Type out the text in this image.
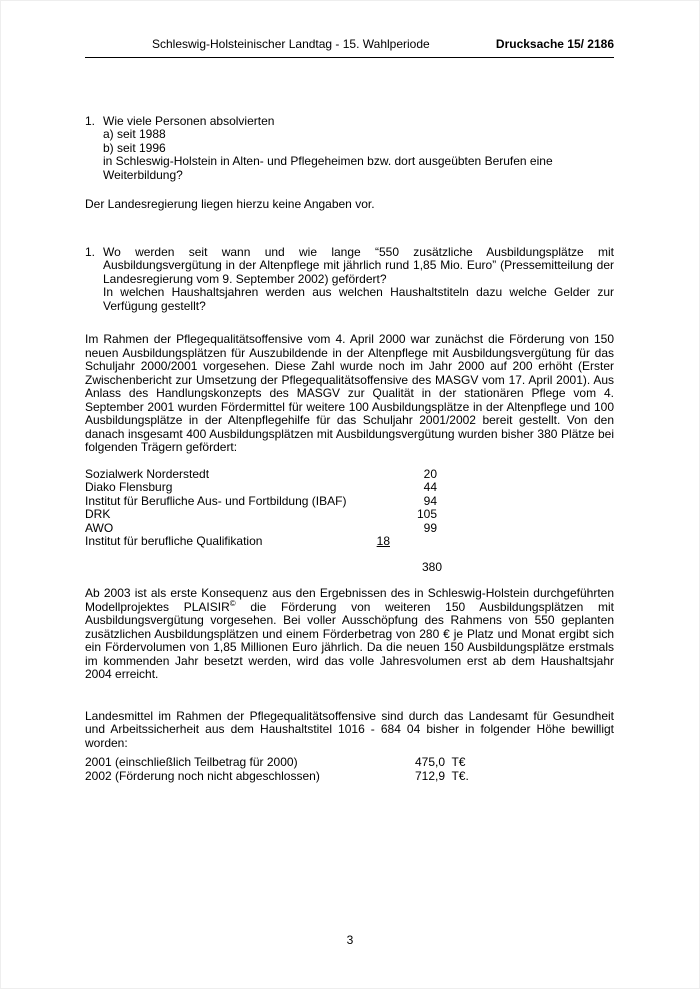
Schleswig-Holsteinischer Landtag - 15. Wahlperiode	Drucksache 15/ 2186
1. Wie viele Personen absolvierten
a) seit 1988
b) seit 1996
in Schleswig-Holstein in Alten- und Pflegeheimen bzw. dort ausgeübten Berufen eine Weiterbildung?

Der Landesregierung liegen hierzu keine Angaben vor.

1. Wo werden seit wann und wie lange “550 zusätzliche Ausbildungsplätze mit Ausbildungsvergütung in der Altenpflege mit jährlich rund 1,85 Mio. Euro” (Pressemitteilung der Landesregierung vom 9. September 2002) gefördert?
In welchen Haushaltsjahren werden aus welchen Haushaltstiteln dazu welche Gelder zur Verfügung gestellt?

Im Rahmen der Pflegequalitätsoffensive vom 4. April 2000 war zunächst die Förderung von 150 neuen Ausbildungsplätzen für Auszubildende in der Altenpflege mit Ausbildungsvergütung für das Schuljahr 2000/2001 vorgesehen. Diese Zahl wurde noch im Jahr 2000 auf 200 erhöht (Erster Zwischenbericht zur Umsetzung der Pflegequalitätsoffensive des MASGV vom 17. April 2001). Aus Anlass des Handlungskonzepts des MASGV zur Qualität in der stationären Pflege vom 4. September 2001 wurden Fördermittel für weitere 100 Ausbildungsplätze in der Altenpflege und 100 Ausbildungsplätze in der Altenpflegehilfe für das Schuljahr 2001/2002 bereit gestellt. Von den danach insgesamt 400 Ausbildungsplätzen mit Ausbildungsvergütung wurden bisher 380 Plätze bei folgenden Trägern gefördert:

Sozialwerk Norderstedt	20
Diako Flensburg	44
Institut für Berufliche Aus- und Fortbildung (IBAF)	94
DRK	105
AWO	99
Institut für berufliche Qualifikation	18
380

Ab 2003 ist als erste Konsequenz aus den Ergebnissen des in Schleswig-Holstein durchgeführten Modellprojektes PLAISIR© die Förderung von weiteren 150 Ausbildungsplätzen mit Ausbildungsvergütung vorgesehen. Bei voller Ausschöpfung des Rahmens von 550 geplanten zusätzlichen Ausbildungsplätzen und einem Förderbetrag von 280 € je Platz und Monat ergibt sich ein Fördervolumen von 1,85 Millionen Euro jährlich. Da die neuen 150 Ausbildungsplätze erstmals im kommenden Jahr besetzt werden, wird das volle Jahresvolumen erst ab dem Haushaltsjahr 2004 erreicht.

Landesmittel im Rahmen der Pflegequalitätsoffensive sind durch das Landesamt für Gesundheit und Arbeitssicherheit aus dem Haushaltstitel 1016 - 684 04 bisher in folgender Höhe bewilligt worden:

2001 (einschließlich Teilbetrag für 2000)	475,0  T€
2002 (Förderung noch nicht abgeschlossen)	712,9  T€.
3
